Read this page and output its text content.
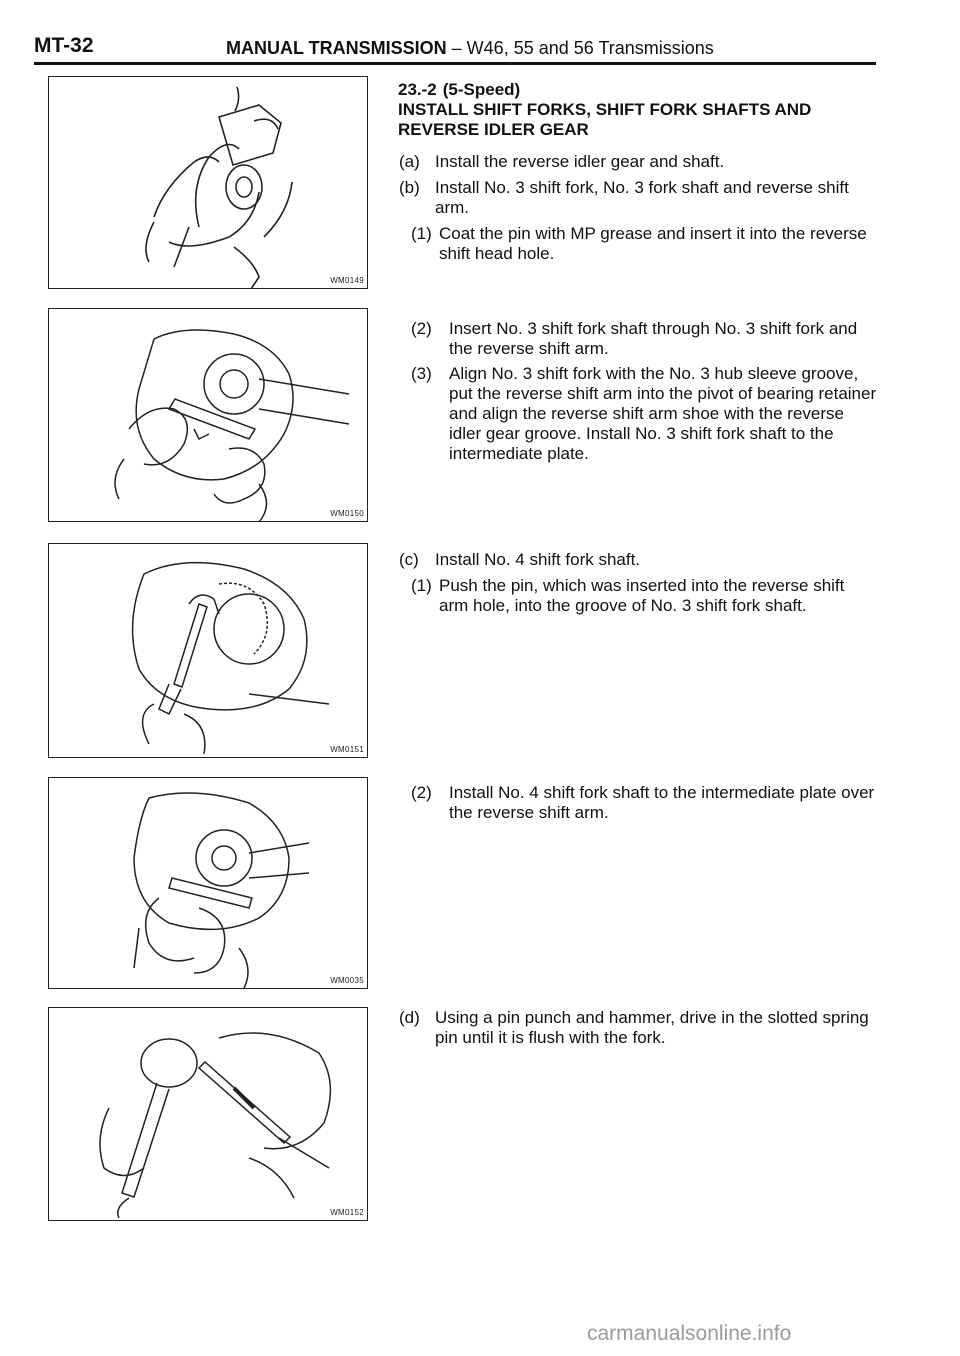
MT-32	MANUAL TRANSMISSION – W46, 55 and 56 Transmissions
WM0149
WM0150
WM0151
WM0035
WM0152
23.-2 (5-Speed)
INSTALL SHIFT FORKS, SHIFT FORK SHAFTS AND
REVERSE IDLER GEAR
(a) Install the reverse idler gear and shaft.
(b) Install No. 3 shift fork, No. 3 fork shaft and reverse shift arm.
(1) Coat the pin with MP grease and insert it into the reverse shift head hole.
(2) Insert No. 3 shift fork shaft through No. 3 shift fork and the reverse shift arm.
(3) Align No. 3 shift fork with the No. 3 hub sleeve groove, put the reverse shift arm into the pivot of bearing retainer and align the reverse shift arm shoe with the reverse idler gear groove. Install No. 3 shift fork shaft to the intermediate plate.
(c) Install No. 4 shift fork shaft.
(1) Push the pin, which was inserted into the reverse shift arm hole, into the groove of No. 3 shift fork shaft.
(2) Install No. 4 shift fork shaft to the intermediate plate over the reverse shift arm.
(d) Using a pin punch and hammer, drive in the slotted spring pin until it is flush with the fork.
carmanualsonline.info
